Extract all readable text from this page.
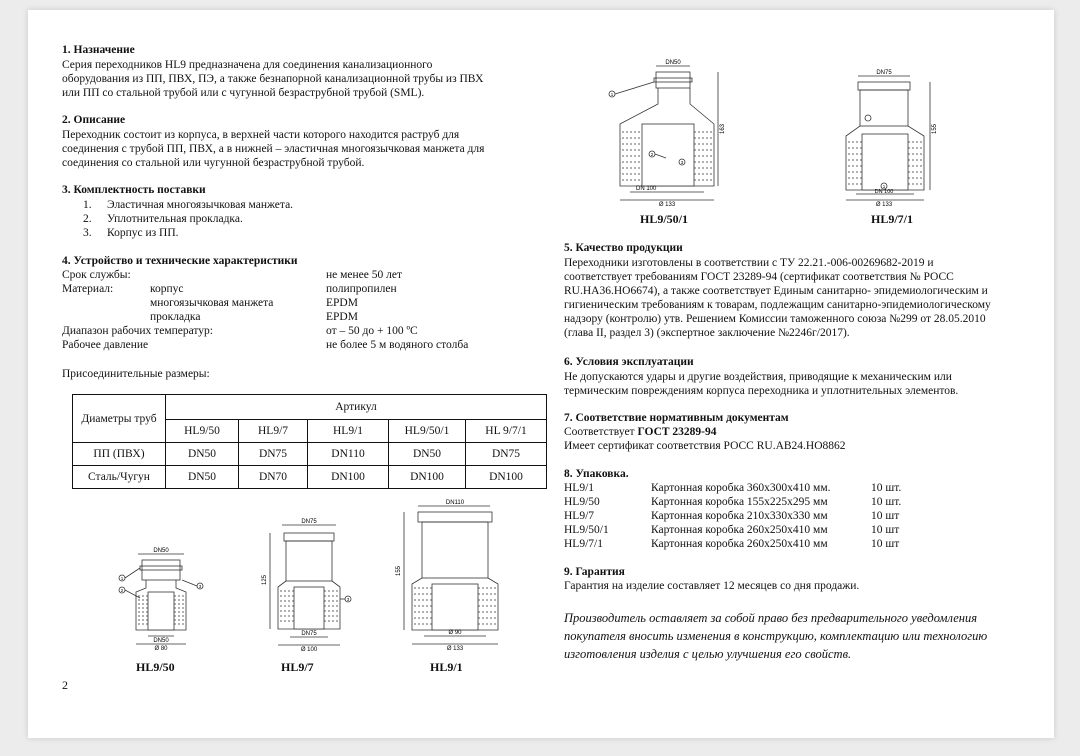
1. Назначение
Серия переходников HL9 предназначена для соединения канализационного
оборудования из ПП, ПВХ, ПЭ, а также безнапорной канализационной трубы из ПВХ
или ПП со стальной трубой или с чугунной безраструбной трубой (SML).
2. Описание
Переходник состоит из корпуса, в верхней части которого находится раструб для
соединения с трубой ПП, ПВХ, а в нижней – эластичная многоязычковая манжета для
соединения со стальной или чугунной безраструбной трубой.
3. Комплектность поставки
1. Эластичная многоязычковая манжета.
2. Уплотнительная прокладка.
3. Корпус из ПП.
4. Устройство и технические характеристики
Срок службы:	не менее 50 лет
Материал:	корпус	полипропилен
многоязычковая манжета	EPDM
прокладка	EPDM
Диапазон рабочих температур:	от – 50 до + 100 ºС
Рабочее давление	не более 5 м водяного столба
Присоединительные размеры:
Диаметры труб	Артикул				
	HL9/50	HL9/7	HL9/1	HL9/50/1	HL 9/7/1
ПП (ПВХ)	DN50	DN75	DN110	DN50	DN75
Сталь/Чугун	DN50	DN70	DN100	DN100	DN100
DN50
DN50
Ø 80
1
2
3
HL9/50
DN75
DN75
Ø 100
125
3
HL9/7
DN110
Ø 90
Ø 133
155
HL9/1
2
DN50
DN 100
Ø 133
163
1
2
3
HL9/50/1
DN75
DN 100
Ø 133
155
1
HL9/7/1
5. Качество продукции
Переходники изготовлены в соответствии с ТУ 22.21.-006-00269682-2019 и
соответствует требованиям ГОСТ 23289-94 (сертификат соответствия № РОСС
RU.НА36.НО6674), а также соответствует Единым санитарно- эпидемиологическим и
гигиеническим требованиям к товарам, подлежащим санитарно-эпидемиологическому
надзору (контролю) утв. Решением Комиссии таможенного союза №299 от 28.05.2010
(глава II, раздел 3) (экспертное заключение №2246г/2017).
6. Условия эксплуатации
Не допускаются удары и другие воздействия, приводящие к механическим или
термическим повреждениям корпуса переходника и уплотнительных элементов.
7. Соответствие нормативным документам
Соответствует ГОСТ 23289-94
Имеет сертификат соответствия РОСС RU.АВ24.НО8862
8. Упаковка.
HL9/1	Картонная коробка 360х300х410 мм.	10 шт.
HL9/50	Картонная коробка 155х225х295 мм	10 шт.
HL9/7	Картонная коробка 210х330х330 мм	10 шт
HL9/50/1	Картонная коробка 260х250х410 мм	10 шт
HL9/7/1	Картонная коробка 260х250х410 мм	10 шт
9. Гарантия
Гарантия на изделие составляет 12 месяцев со дня продажи.
Производитель оставляет за собой право без предварительного уведомления
покупателя вносить изменения в конструкцию, комплектацию или технологию
изготовления изделия с целью улучшения его свойств.
